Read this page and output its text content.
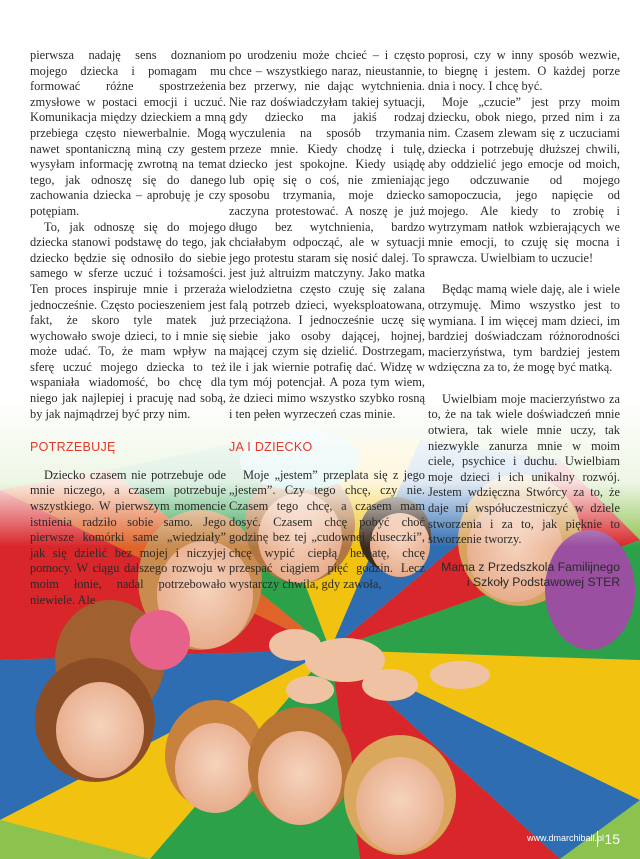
pierwsza nadaję sens doznaniom mojego dziecka i pomagam mu formować różne spostrzeżenia zmysłowe w postaci emocji i uczuć. Komunikacja między dzieckiem a mną przebiega często niewerbalnie. Mogą nawet spontaniczną miną czy gestem wysyłam informację zwrotną na temat tego, jak odnoszę się do danego zachowania dziecka – aprobuję je czy potępiam.

To, jak odnoszę się do mojego dziecka stanowi podstawę do tego, jak dziecko będzie się odnosiło do siebie samego w sferze uczuć i tożsamości. Ten proces inspiruje mnie i przeraża jednocześnie. Często pocieszeniem jest fakt, że skoro tyle matek już wychowało swoje dzieci, to i mnie się może udać. To, że mam wpływ na sferę uczuć mojego dziecka to też wspaniała wiadomość, bo chcę dla niego jak najlepiej i pracuję nad sobą, by jak najmądrzej być przy nim.

POTRZEBUJĘ

Dziecko czasem nie potrzebuje ode mnie niczego, a czasem potrzebuje wszystkiego. W pierwszym momencie istnienia radziło sobie samo. Jego pierwsze komórki same „wiedziały” jak się dzielić bez mojej i niczyjej pomocy. W ciągu dalszego rozwoju w moim łonie, nadal potrzebowało niewiele. Ale

po urodzeniu może chcieć – i często chce – wszystkiego naraz, nieustannie, bez przerwy, nie dając wytchnienia. Nie raz doświadczyłam takiej sytuacji, gdy dziecko ma jakiś rodzaj wyczulenia na sposób trzymania przeze mnie. Kiedy chodzę i tulę, dziecko jest spokojne. Kiedy usiądę lub opię się o coś, nie zmieniając sposobu trzymania, moje dziecko zaczyna protestować. A noszę je już długo bez wytchnienia, bardzo chciałabym odpocząć, ale w sytuacji jego protestu staram się nosić dalej. To jest już altruizm matczyny. Jako matka wielodzietna często czuję się zalana falą potrzeb dzieci, wyeksploatowana, przeciążona. I jednocześnie uczę się siebie jako osoby dającej, hojnej, mającej czym się dzielić. Dostrzegam, ile i jak wiernie potrafię dać. Widzę w tym mój potencjał. A poza tym wiem, że dzieci mimo wszystko szybko rosną i ten pełen wyrzeczeń czas minie.

JA I DZIECKO

Moje „jestem” przeplata się z jego „jestem”. Czy tego chcę, czy nie. Czasem tego chcę, a czasem mam dosyć. Czasem chcę pobyć choć godzinę bez tej „cudownej kluseczki”, chcę wypić ciepłą herbatę, chcę przespać ciągiem pięć godzin. Lecz wystarczy chwila, gdy zawoła,

poprosi, czy w inny sposób wezwie, to biegnę i jestem. O każdej porze dnia i nocy. I chcę być.

Moje „czucie” jest przy moim dziecku, obok niego, przed nim i za nim. Czasem zlewam się z uczuciami dziecka i potrzebuję dłuższej chwili, aby oddzielić jego emocje od moich, jego odczuwanie od mojego samopoczucia, jego napięcie od mojego. Ale kiedy to zrobię i wytrzymam natłok wzbierających we mnie emocji, to czuję się mocna i sprawcza. Uwielbiam to uczucie!

Będąc mamą wiele daję, ale i wiele otrzymuję. Mimo wszystko jest to wymiana. I im więcej mam dzieci, im bardziej doświadczam różnorodności macierzyństwa, tym bardziej jestem wdzięczna za to, że mogę być matką.

Uwielbiam moje macierzyństwo za to, że na tak wiele doświadczeń mnie otwiera, tak wiele mnie uczy, tak niezwykle zanurza mnie w moim ciele, psychice i duchu. Uwielbiam moje dzieci i ich unikalny rozwój. Jestem wdzięczna Stwórcy za to, że daje mi współuczestniczyć w dziele stworzenia i za to, jak pięknie to stworzenie tworzy.

Mama z Przedszkola Familijnego
i Szkoły Podstawowej STER
www.dmarchiball.pl 15
